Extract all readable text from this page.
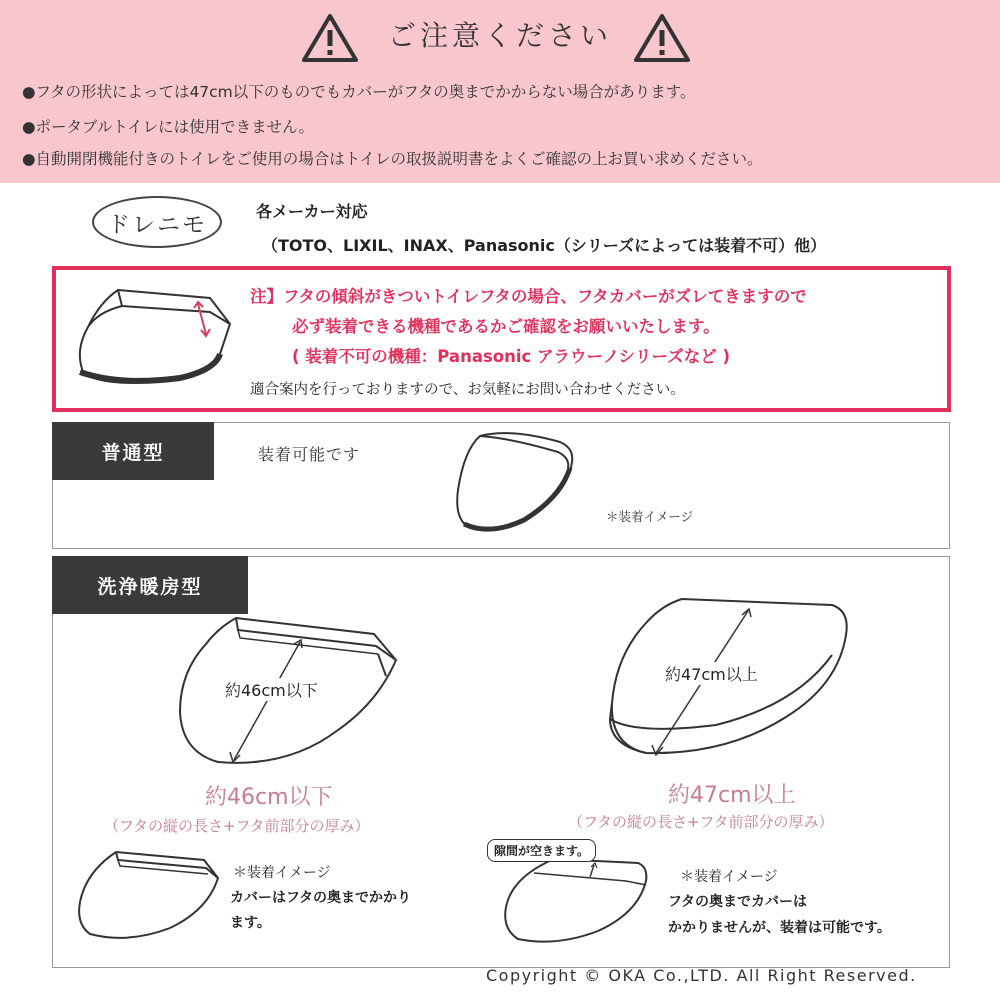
ご注意ください
●フタの形状によっては47cm以下のものでもカバーがフタの奥までかからない場合があります。
●ポータブルトイレには使用できません。
●自動開閉機能付きのトイレをご使用の場合はトイレの取扱説明書をよくご確認の上お買い求めください。
ドレニモ	各メーカー対応
（TOTO、LIXIL、INAX、Panasonic（シリーズによっては装着不可）他）
注】フタの傾斜がきついトイレフタの場合、フタカバーがズレてきますので
必ず装着できる機種であるかご確認をお願いいたします。
( 装着不可の機種：Panasonic アラウーノシリーズなど )
適合案内を行っておりますので、お気軽にお問い合わせください。
普通型	装着可能です
＊装着イメージ
洗浄暖房型
約46cm以下
約47cm以上
約46cm以下
（フタの縦の長さ+フタ前部分の厚み）
約47cm以上
（フタの縦の長さ+フタ前部分の厚み）
＊装着イメージ
カバーはフタの奥までかかり
ます。
隙間が空きます。
＊装着イメージ
フタの奥までカバーは
かかりませんが、装着は可能です。
Copyright © OKA Co.,LTD. All Right Reserved.
